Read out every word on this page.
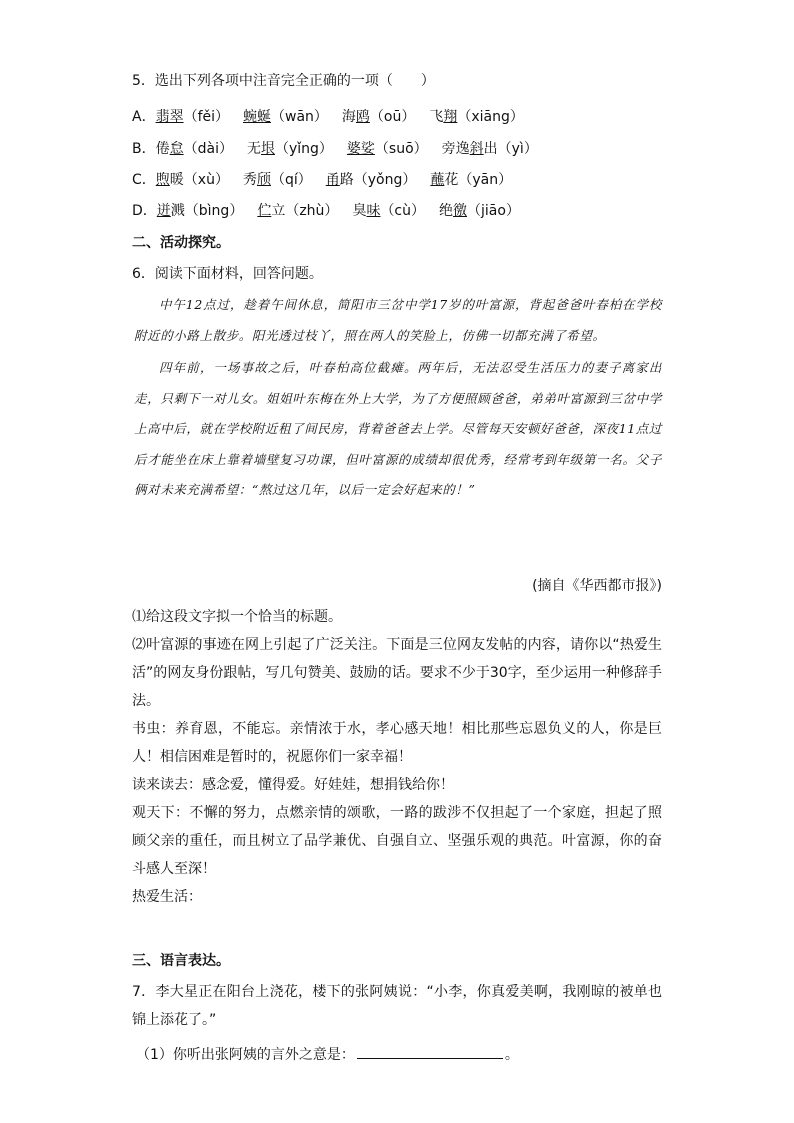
5．选出下列各项中注音完全正确的一项（　　）
A．翡翠（fěi） 蜿蜒（wān） 海鸥（oū） 飞翔（xiāng）
B．倦怠（dài） 无垠（yǐng） 婆娑（suō） 旁逸斜出（yì）
C．煦暖（xù） 秀颀（qí） 甬路（yǒng） 蘸花（yān）
D．迸溅（bìng） 伫立（zhù） 臭味（cù） 绝徼（jiāo）
二、活动探究。
6．阅读下面材料，回答问题。

中午12点过，趁着午间休息，简阳市三岔中学17岁的叶富源，背起爸爸叶春柏在学校附近的小路上散步。阳光透过枝丫，照在两人的笑脸上，仿佛一切都充满了希望。

四年前，一场事故之后，叶春柏高位截瘫。两年后，无法忍受生活压力的妻子离家出走，只剩下一对儿女。姐姐叶东梅在外上大学，为了方便照顾爸爸，弟弟叶富源到三岔中学上高中后，就在学校附近租了间民房，背着爸爸去上学。尽管每天安顿好爸爸，深夜11点过后才能坐在床上靠着墙壁复习功课，但叶富源的成绩却很优秀，经常考到年级第一名。父子俩对未来充满希望：“熬过这几年，以后一定会好起来的！”

(摘自《华西都市报》)

⑴给这段文字拟一个恰当的标题。

⑵叶富源的事迹在网上引起了广泛关注。下面是三位网友发帖的内容，请你以“热爱生活”的网友身份跟帖，写几句赞美、鼓励的话。要求不少于30字，至少运用一种修辞手法。

书虫：养育恩，不能忘。亲情浓于水，孝心感天地！相比那些忘恩负义的人，你是巨人！相信困难是暂时的，祝愿你们一家幸福！

读来读去：感念爱，懂得爱。好娃娃，想捐钱给你！

观天下：不懈的努力，点燃亲情的颂歌，一路的跋涉不仅担起了一个家庭，担起了照顾父亲的重任，而且树立了品学兼优、自强自立、坚强乐观的典范。叶富源，你的奋斗感人至深！

热爱生活：

三、语言表达。
7．李大星正在阳台上浇花，楼下的张阿姨说：“小李，你真爱美啊，我刚晾的被单也锦上添花了。”
（1）你听出张阿姨的言外之意是：	。
